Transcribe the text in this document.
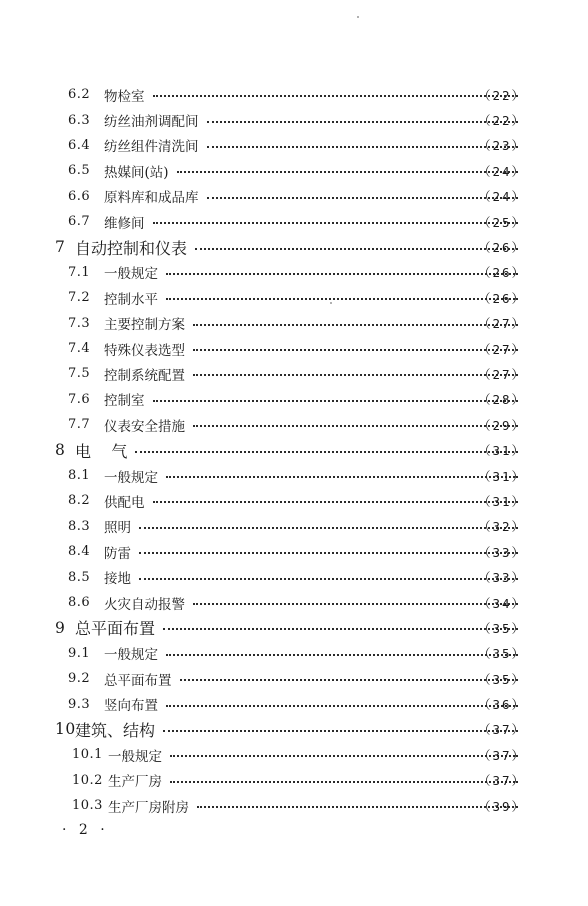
6.2	物检室	（22）
6.3	纺丝油剂调配间	（22）
6.4	纺丝组件清洗间	（23）
6.5	热媒间(站)	（24）
6.6	原料库和成品库	（24）
6.7	维修间	（25）
7 自动控制和仪表	（26）
7.1	一般规定	（26）
7.2	控制水平	（26）
7.3	主要控制方案	（27）
7.4	特殊仪表选型	（27）
7.5	控制系统配置	（27）
7.6	控制室	（28）
7.7	仪表安全措施	（29）
8 电    气	（31）
8.1	一般规定	（31）
8.2	供配电	（31）
8.3	照明	（32）
8.4	防雷	（33）
8.5	接地	（33）
8.6	火灾自动报警	（34）
9 总平面布置	（35）
9.1	一般规定	（35）
9.2	总平面布置	（35）
9.3	竖向布置	（36）
10 建筑、结构	（37）
10.1 一般规定	（37）
10.2 生产厂房	（37）
10.3 生产厂房附房	（39）
· 2 ·
